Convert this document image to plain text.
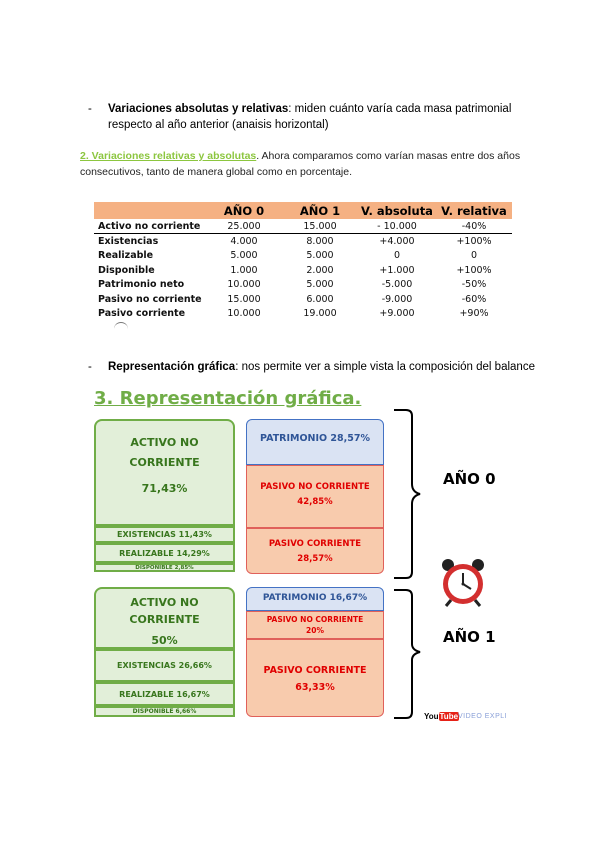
- Variaciones absolutas y relativas: miden cuánto varía cada masa patrimonial
respecto al año anterior (anaisis horizontal)
2. Variaciones relativas y absolutas. Ahora comparamos como varían masas entre dos años consecutivos, tanto de manera global como en porcentaje.
	AÑO 0	AÑO 1	V. absoluta	V. relativa
Activo no corriente	25.000	15.000	- 10.000	-40%
Existencias	4.000	8.000	+4.000	+100%
Realizable	5.000	5.000	0	0
Disponible	1.000	2.000	+1.000	+100%
Patrimonio neto	10.000	5.000	-5.000	-50%
Pasivo no corriente	15.000	6.000	-9.000	-60%
Pasivo corriente	10.000	19.000	+9.000	+90%
- Representación gráfica: nos permite ver a simple vista la composición del balance
3. Representación gráfica.
ACTIVO NO
CORRIENTE
71,43%
EXISTENCIAS 11,43%
REALIZABLE 14,29%
DISPONIBLE 2,85%
PATRIMONIO 28,57%
PASIVO NO CORRIENTE
42,85%
PASIVO CORRIENTE
28,57%
ACTIVO NO
CORRIENTE
50%
EXISTENCIAS 26,66%
REALIZABLE 16,67%
DISPONIBLE 6,66%
PATRIMONIO 16,67%
PASIVO NO CORRIENTE
20%
PASIVO CORRIENTE
63,33%
AÑO 0
AÑO 1
YouTube VIDEO EXPLI
